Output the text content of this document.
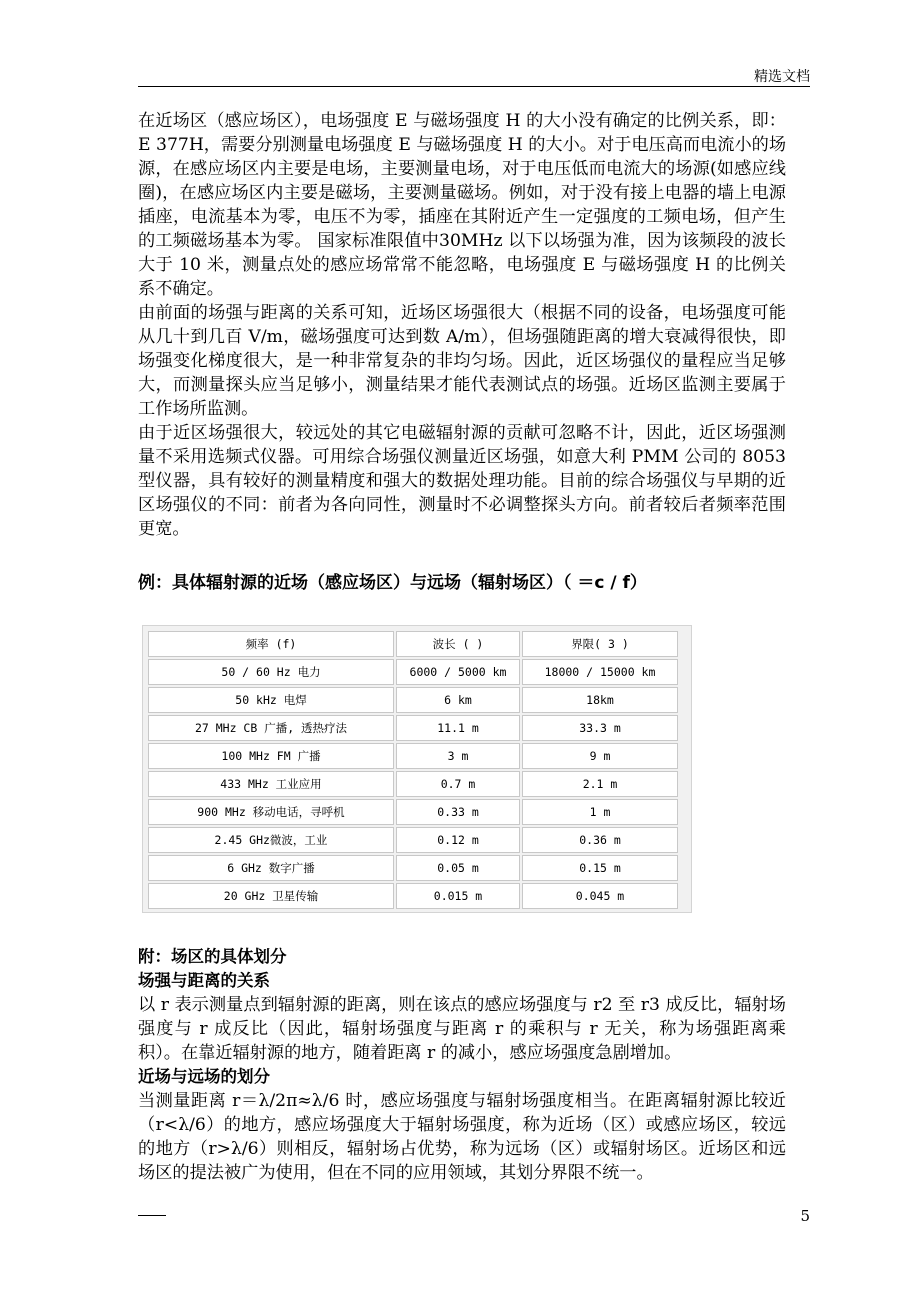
精选文档

在近场区（感应场区），电场强度 E 与磁场强度 H 的大小没有确定的比例关系，即：E 377H，需要分别测量电场强度 E 与磁场强度 H 的大小。对于电压高而电流小的场源，在感应场区内主要是电场，主要测量电场，对于电压低而电流大的场源(如感应线圈)，在感应场区内主要是磁场，主要测量磁场。例如，对于没有接上电器的墙上电源插座，电流基本为零，电压不为零，插座在其附近产生一定强度的工频电场，但产生的工频磁场基本为零。 国家标准限值中30MHz 以下以场强为准，因为该频段的波长大于 10 米，测量点处的感应场常常不能忽略，电场强度 E 与磁场强度 H 的比例关系不确定。

由前面的场强与距离的关系可知，近场区场强很大（根据不同的设备，电场强度可能从几十到几百 V/m，磁场强度可达到数 A/m），但场强随距离的增大衰减得很快，即场强变化梯度很大，是一种非常复杂的非均匀场。因此，近区场强仪的量程应当足够大，而测量探头应当足够小，测量结果才能代表测试点的场强。近场区监测主要属于工作场所监测。

由于近区场强很大，较远处的其它电磁辐射源的贡献可忽略不计，因此，近区场强测量不采用选频式仪器。可用综合场强仪测量近区场强，如意大利 PMM 公司的 8053 型仪器，具有较好的测量精度和强大的数据处理功能。目前的综合场强仪与早期的近区场强仪的不同：前者为各向同性，测量时不必调整探头方向。前者较后者频率范围更宽。

例：具体辐射源的近场（感应场区）与远场（辐射场区）（ ＝c / f）
频率 (f)	波长 ( )	界限( 3 )
50 / 60 Hz 电力	6000 / 5000 km	18000 / 15000 km
50 kHz 电焊	6 km	18km
27 MHz CB 广播, 透热疗法	11.1 m	33.3 m
100 MHz FM 广播	3 m	9 m
433 MHz 工业应用	0.7 m	2.1 m
900 MHz 移动电话，寻呼机	0.33 m	1 m
2.45 GHz微波，工业	0.12 m	0.36 m
6 GHz 数字广播	0.05 m	0.15 m
20 GHz 卫星传输	0.015 m	0.045 m

附：场区的具体划分

场强与距离的关系

以 r 表示测量点到辐射源的距离，则在该点的感应场强度与 r2 至 r3 成反比，辐射场强度与 r 成反比（因此，辐射场强度与距离 r 的乘积与 r 无关，称为场强距离乘积）。在靠近辐射源的地方，随着距离 r 的减小，感应场强度急剧增加。

近场与远场的划分

当测量距离 r＝λ/2π≈λ/6 时，感应场强度与辐射场强度相当。在距离辐射源比较近（r<λ/6）的地方，感应场强度大于辐射场强度，称为近场（区）或感应场区，较远的地方（r>λ/6）则相反，辐射场占优势，称为远场（区）或辐射场区。近场区和远场区的提法被广为使用，但在不同的应用领域，其划分界限不统一。

5
